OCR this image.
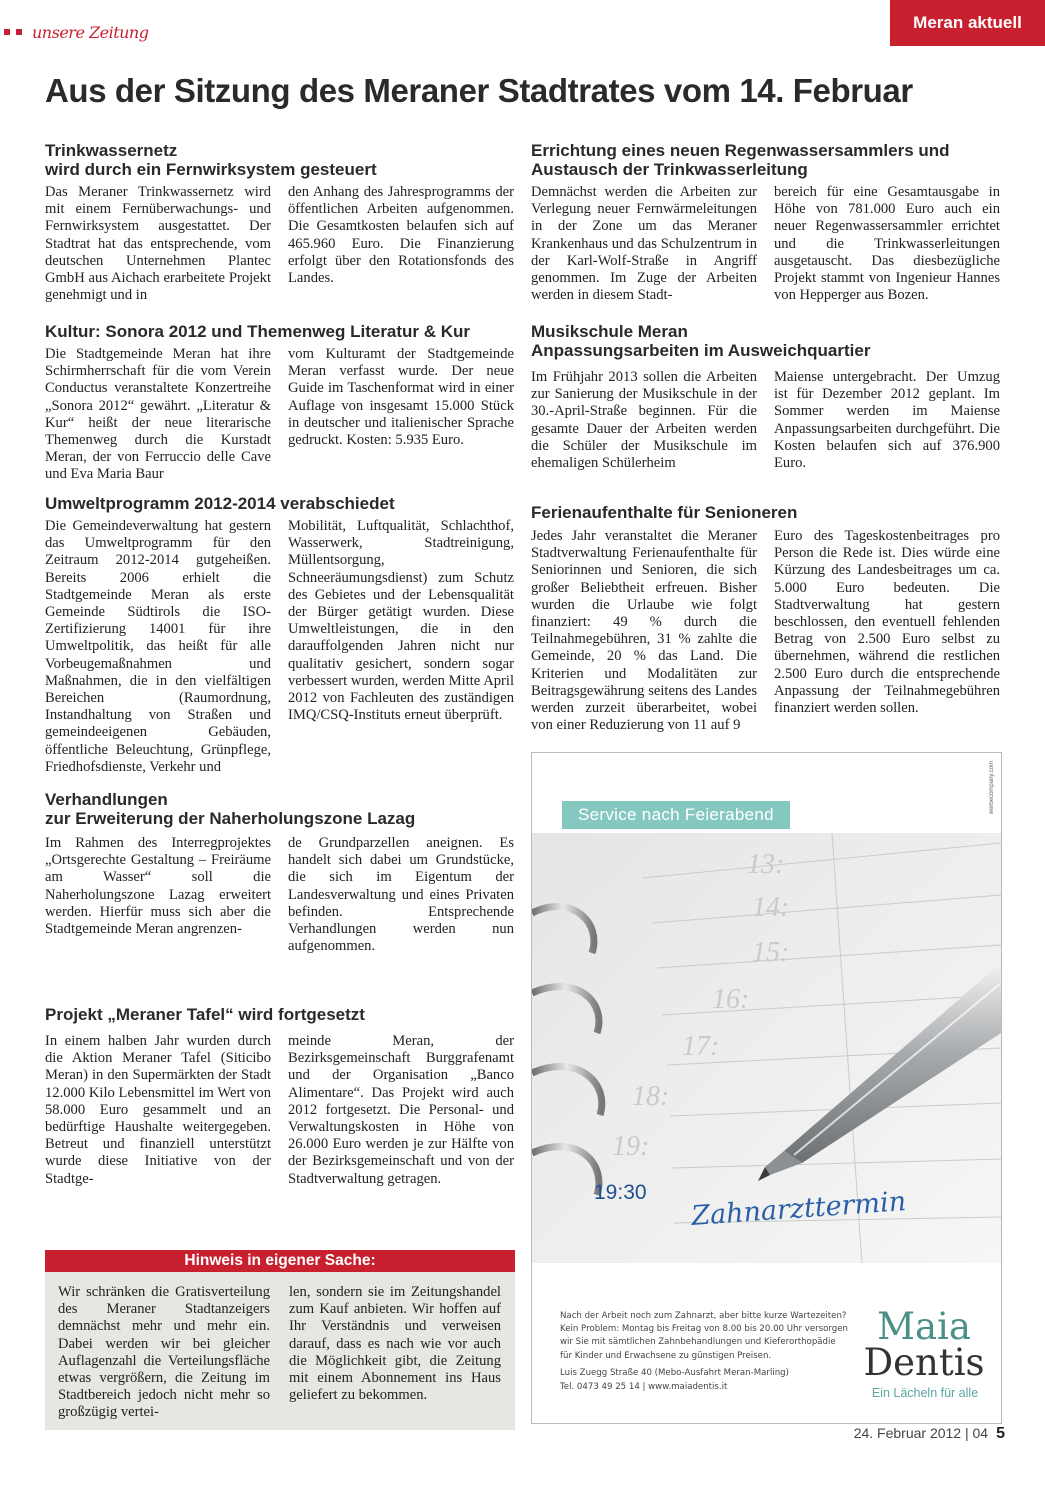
unsere Zeitung	Meran aktuell
Aus der Sitzung des Meraner Stadtrates vom 14. Februar
Trinkwassernetz
wird durch ein Fernwirksystem gesteuert
Das Meraner Trinkwassernetz wird mit einem Fernüberwachungs- und Fernwirksystem ausgestattet. Der Stadtrat hat das entsprechende, vom deutschen Unternehmen Plantec GmbH aus Aichach erarbeitete Projekt genehmigt und in
den Anhang des Jahresprogramms der öffentlichen Arbeiten aufgenommen. Die Gesamtkosten belaufen sich auf 465.960 Euro. Die Finanzierung erfolgt über den Rotationsfonds des Landes.
Errichtung eines neuen Regenwassersammlers und
Austausch der Trinkwasserleitung
Demnächst werden die Arbeiten zur Verlegung neuer Fernwärmeleitungen in der Zone um das Meraner Krankenhaus und das Schulzentrum in der Karl-Wolf-Straße in Angriff genommen. Im Zuge der Arbeiten werden in diesem Stadt-
bereich für eine Gesamtausgabe in Höhe von 781.000 Euro auch ein neuer Regenwassersammler errichtet und die Trinkwasserleitungen ausgetauscht. Das diesbezügliche Projekt stammt von Ingenieur Hannes von Hepperger aus Bozen.
Kultur: Sonora 2012 und Themenweg Literatur & Kur
Die Stadtgemeinde Meran hat ihre Schirmherrschaft für die vom Verein Conductus veranstaltete Konzertreihe „Sonora 2012“ gewährt. „Literatur & Kur“ heißt der neue literarische Themenweg durch die Kurstadt Meran, der von Ferruccio delle Cave und Eva Maria Baur
vom Kulturamt der Stadtgemeinde Meran verfasst wurde. Der neue Guide im Taschenformat wird in einer Auflage von insgesamt 15.000 Stück in deutscher und italienischer Sprache gedruckt. Kosten: 5.935 Euro.
Musikschule Meran
Anpassungsarbeiten im Ausweichquartier
Im Frühjahr 2013 sollen die Arbeiten zur Sanierung der Musikschule in der 30.-April-Straße beginnen. Für die gesamte Dauer der Arbeiten werden die Schüler der Musikschule im ehemaligen Schülerheim
Maiense untergebracht. Der Umzug ist für Dezember 2012 geplant. Im Sommer werden im Maiense Anpassungsarbeiten durchgeführt. Die Kosten belaufen sich auf 376.900 Euro.
Umweltprogramm 2012-2014 verabschiedet
Die Gemeindeverwaltung hat gestern das Umweltprogramm für den Zeitraum 2012-2014 gutgeheißen. Bereits 2006 erhielt die Stadtgemeinde Meran als erste Gemeinde Südtirols die ISO-Zertifizierung 14001 für ihre Umweltpolitik, das heißt für alle Vorbeugemaßnahmen und Maßnahmen, die in den vielfältigen Bereichen (Raumordnung, Instandhaltung von Straßen und gemeindeeigenen Gebäuden, öffentliche Beleuchtung, Grünpflege, Friedhofsdienste, Verkehr und
Mobilität, Luftqualität, Schlachthof, Wasserwerk, Stadtreinigung, Müllentsorgung, Schneeräumungsdienst) zum Schutz des Gebietes und der Lebensqualität der Bürger getätigt wurden. Diese Umweltleistungen, die in den darauffolgenden Jahren nicht nur qualitativ gesichert, sondern sogar verbessert wurden, werden Mitte April 2012 von Fachleuten des zuständigen IMQ/CSQ-Instituts erneut überprüft.
Ferienaufenthalte für Senioneren
Jedes Jahr veranstaltet die Meraner Stadtverwaltung Ferienaufenthalte für Seniorinnen und Senioren, die sich großer Beliebtheit erfreuen. Bisher wurden die Urlaube wie folgt finanziert: 49 % durch die Teilnahmegebühren, 31 % zahlte die Gemeinde, 20 % das Land. Die Kriterien und Modalitäten zur Beitragsgewährung seitens des Landes werden zurzeit überarbeitet, wobei von einer Reduzierung von 11 auf 9
Euro des Tageskostenbeitrages pro Person die Rede ist. Dies würde eine Kürzung des Landesbeitrages um ca. 5.000 Euro bedeuten. Die Stadtverwaltung hat gestern beschlossen, den eventuell fehlenden Betrag von 2.500 Euro selbst zu übernehmen, während die restlichen 2.500 Euro durch die entsprechende Anpassung der Teilnahmegebühren finanziert werden sollen.
Verhandlungen
zur Erweiterung der Naherholungszone Lazag
Im Rahmen des Interregprojektes „Ortsgerechte Gestaltung – Freiräume am Wasser“ soll die Naherholungszone Lazag erweitert werden. Hierfür muss sich aber die Stadtgemeinde Meran angrenzen-
de Grundparzellen aneignen. Es handelt sich dabei um Grundstücke, die sich im Eigentum der Landesverwaltung und eines Privaten befinden. Entsprechende Verhandlungen werden nun aufgenommen.
Projekt „Meraner Tafel“ wird fortgesetzt
In einem halben Jahr wurden durch die Aktion Meraner Tafel (Siticibo Meran) in den Supermärkten der Stadt 12.000 Kilo Lebensmittel im Wert von 58.000 Euro gesammelt und an bedürftige Haushalte weitergegeben. Betreut und finanziell unterstützt wurde diese Initiative von der Stadtge-
meinde Meran, der Bezirksgemeinschaft Burggrafenamt und der Organisation „Banco Alimentare“. Das Projekt wird auch 2012 fortgesetzt. Die Personal- und Verwaltungskosten in Höhe von 26.000 Euro werden je zur Hälfte von der Bezirksgemeinschaft und von der Stadtverwaltung getragen.
Hinweis in eigener Sache:
Wir schränken die Gratisverteilung des Meraner Stadtanzeigers demnächst mehr und mehr ein. Dabei werden wir bei gleicher Auflagenzahl die Verteilungsfläche etwas vergrößern, die Zeitung im Stadtbereich jedoch nicht mehr so großzügig vertei-
len, sondern sie im Zeitungshandel zum Kauf anbieten. Wir hoffen auf Ihr Verständnis und verweisen darauf, dass es nach wie vor auch die Möglichkeit gibt, die Zeitung mit einem Abonnement ins Haus geliefert zu bekommen.
werbecompany.com
13:
14:
15:
16:
17:
18:
19:
19:30 Zahnarzttermin
Service nach Feierabend
Nach der Arbeit noch zum Zahnarzt, aber bitte kurze Wartezeiten? Kein Problem: Montag bis Freitag von 8.00 bis 20.00 Uhr versorgen wir Sie mit sämtlichen Zahnbehandlungen und Kieferorthopädie für Kinder und Erwachsene zu günstigen Preisen.
Luis Zuegg Straße 40 (Mebo-Ausfahrt Meran-Marling)
Tel. 0473 49 25 14 | www.maiadentis.it
Maia
Dentis
Ein Lächeln für alle
24. Februar 2012 | 04 5
